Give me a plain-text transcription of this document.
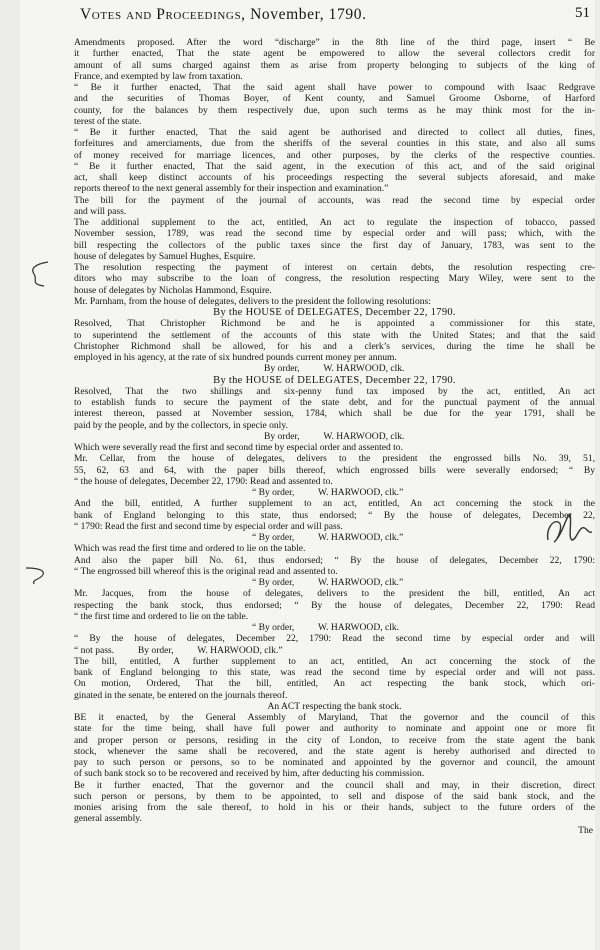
Votes and Proceedings, November, 1790.	51

Amendments proposed. After the word “discharge” in the 8th line of the third page, insert “ Be

it further enacted, That the state agent be empowered to allow the several collectors credit for

amount of all sums charged against them as arise from property belonging to subjects of the king of

France, and exempted by law from taxation.

“ Be it further enacted, That the said agent shall have power to compound with Isaac Redgrave

and the securities of Thomas Boyer, of Kent county, and Samuel Groome Osborne, of Harford

county, for the balances by them respectively due, upon such terms as he may think most for the in-

terest of the state.

“ Be it further enacted, That the said agent be authorised and directed to collect all duties, fines,

forfeitures and amerciaments, due from the sheriffs of the several counties in this state, and also all sums

of money received for marriage licences, and other purposes, by the clerks of the respective counties.

“ Be it further enacted, That the said agent, in the execution of this act, and of the said original

act, shall keep distinct accounts of his proceedings respecting the several subjects aforesaid, and make

reports thereof to the next general assembly for their inspection and examination.”

The bill for the payment of the journal of accounts, was read the second time by especial order

and will pass.

The additional supplement to the act, entitled, An act to regulate the inspection of tobacco, passed

November session, 1789, was read the second time by especial order and will pass; which, with the

bill respecting the collectors of the public taxes since the first day of January, 1783, was sent to the

house of delegates by Samuel Hughes, Esquire.

The resolution respecting the payment of interest on certain debts, the resolution respecting cre-

ditors who may subscribe to the loan of congress, the resolution respecting Mary Wiley, were sent to the

house of delegates by Nicholas Hammond, Esquire.

Mr. Parnham, from the house of delegates, delivers to the president the following resolutions:

By the HOUSE of DELEGATES, December 22, 1790.

Resolved, That Christopher Richmond be and he is appointed a commissioner for this state,

to superintend the settlement of the accounts of this state with the United States; and that the said

Christopher Richmond shall be allowed, for his and a clerk’s services, during the time he shall be

employed in his agency, at the rate of six hundred pounds current money per annum.

By order,          W. HARWOOD, clk.

By the HOUSE of DELEGATES, December 22, 1790.

Resolved, That the two shillings and six-penny fund tax imposed by the act, entitled, An act

to establish funds to secure the payment of the state debt, and for the punctual payment of the annual

interest thereon, passed at November session, 1784, which shall be due for the year 1791, shall be

paid by the people, and by the collectors, in specie only.

By order,          W. HARWOOD, clk.

Which were severally read the first and second time by especial order and assented to.

Mr. Cellar, from the house of delegates, delivers to the president the engrossed bills No. 39, 51,

55, 62, 63 and 64, with the paper bills thereof, which engrossed bills were severally endorsed; “ By

“ the house of delegates, December 22, 1790: Read and assented to.

“ By order,          W. HARWOOD, clk.”

And the bill, entitled, A further supplement to an act, entitled, An act concerning the stock in the

bank of England belonging to this state, thus endorsed; “ By the house of delegates, December 22,

“ 1790: Read the first and second time by especial order and will pass.

“ By order,          W. HARWOOD, clk.”

Which was read the first time and ordered to lie on the table.

And also the paper bill No. 61, thus endorsed; “ By the house of delegates, December 22, 1790:

“ The engrossed bill whereof this is the original read and assented to.

“ By order,          W. HARWOOD, clk.”

Mr. Jacques, from the house of delegates, delivers to the president the bill, entitled, An act

respecting the bank stock, thus endorsed; “ By the house of delegates, December 22, 1790: Read

“ the first time and ordered to lie on the table.

“ By order,          W. HARWOOD, clk.

“ By the house of delegates, December 22, 1790: Read the second time by especial order and will

“ not pass.          By order,          W. HARWOOD, clk.”

The bill, entitled, A further supplement to an act, entitled, An act concerning the stock of the

bank of England belonging to this state, was read the second time by especial order and will not pass.

On motion, Ordered, That the bill, entitled, An act respecting the bank stock, which ori-

ginated in the senate, be entered on the journals thereof.

An ACT respecting the bank stock.

BE it enacted, by the General Assembly of Maryland, That the governor and the council of this

state for the time being, shall have full power and authority to nominate and appoint one or more fit

and proper person or persons, residing in the city of London, to receive from the state agent the bank

stock, whenever the same shall be recovered, and the state agent is hereby authorised and directed to

pay to such person or persons, so to be nominated and appointed by the governor and council, the amount

of such bank stock so to be recovered and received by him, after deducting his commission.

Be it further enacted, That the governor and the council shall and may, in their discretion, direct

such person or persons, by them to be appointed, to sell and dispose of the said bank stock, and the

monies arising from the sale thereof, to hold in his or their hands, subject to the future orders of the

general assembly.

The
